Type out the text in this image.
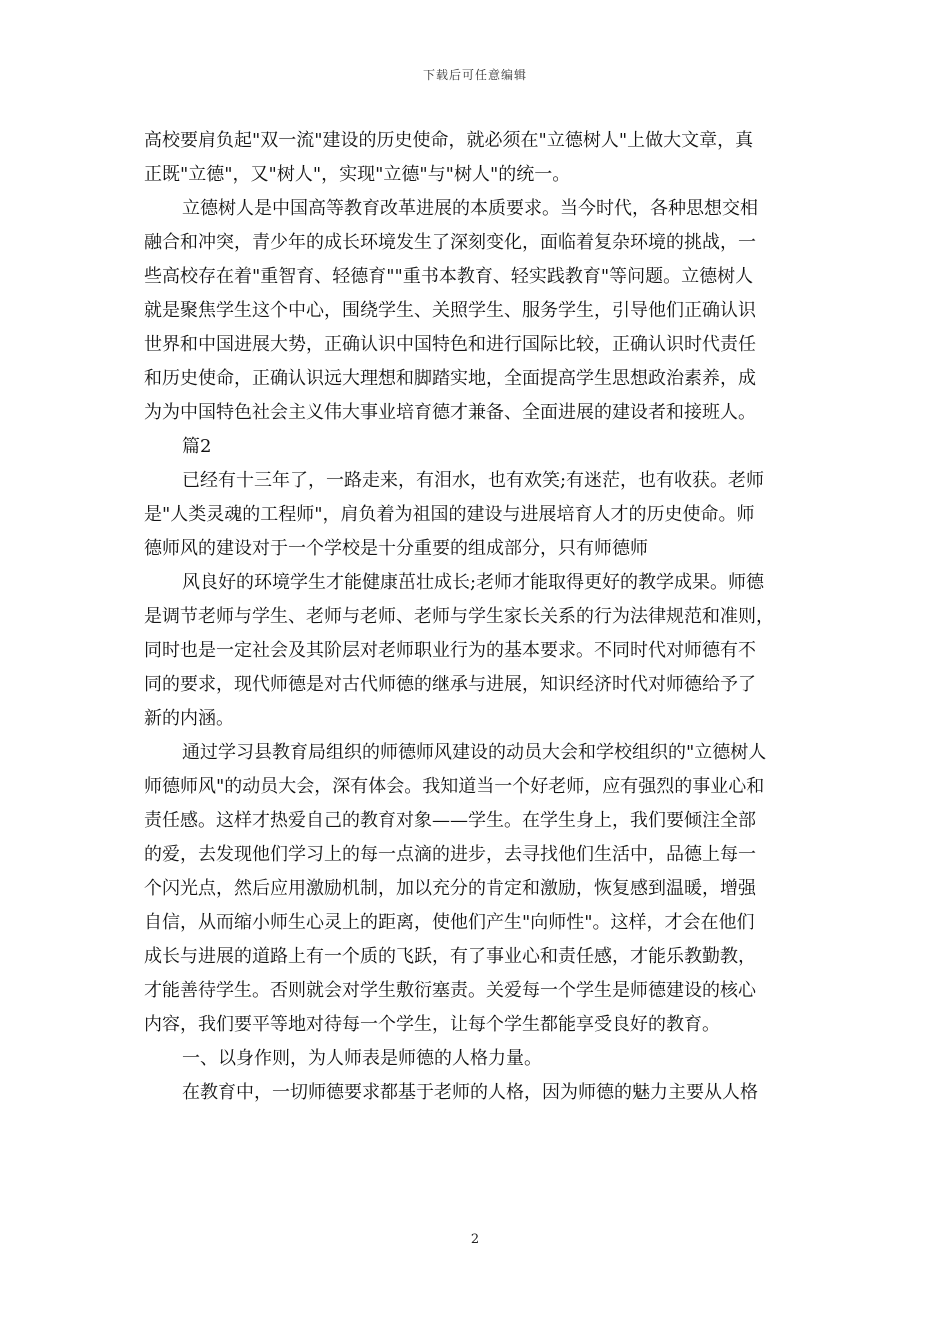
下载后可任意编辑
高校要肩负起"双一流"建设的历史使命，就必须在"立德树人"上做大文章，真
正既"立德"，又"树人"，实现"立德"与"树人"的统一。
立德树人是中国高等教育改革进展的本质要求。当今时代，各种思想交相
融合和冲突，青少年的成长环境发生了深刻变化，面临着复杂环境的挑战，一
些高校存在着"重智育、轻德育""重书本教育、轻实践教育"等问题。立德树人
就是聚焦学生这个中心，围绕学生、关照学生、服务学生，引导他们正确认识
世界和中国进展大势，正确认识中国特色和进行国际比较，正确认识时代责任
和历史使命，正确认识远大理想和脚踏实地，全面提高学生思想政治素养，成
为为中国特色社会主义伟大事业培育德才兼备、全面进展的建设者和接班人。
篇2
已经有十三年了，一路走来，有泪水，也有欢笑;有迷茫，也有收获。老师
是"人类灵魂的工程师"，肩负着为祖国的建设与进展培育人才的历史使命。师
德师风的建设对于一个学校是十分重要的组成部分，只有师德师
风良好的环境学生才能健康茁壮成长;老师才能取得更好的教学成果。师德
是调节老师与学生、老师与老师、老师与学生家长关系的行为法律规范和准则，
同时也是一定社会及其阶层对老师职业行为的基本要求。不同时代对师德有不
同的要求，现代师德是对古代师德的继承与进展，知识经济时代对师德给予了
新的内涵。
通过学习县教育局组织的师德师风建设的动员大会和学校组织的"立德树人
师德师风"的动员大会，深有体会。我知道当一个好老师，应有强烈的事业心和
责任感。这样才热爱自己的教育对象——学生。在学生身上，我们要倾注全部
的爱，去发现他们学习上的每一点滴的进步，去寻找他们生活中，品德上每一
个闪光点，然后应用激励机制，加以充分的肯定和激励，恢复感到温暖，增强
自信，从而缩小师生心灵上的距离，使他们产生"向师性"。这样，才会在他们
成长与进展的道路上有一个质的飞跃，有了事业心和责任感，才能乐教勤教，
才能善待学生。否则就会对学生敷衍塞责。关爱每一个学生是师德建设的核心
内容，我们要平等地对待每一个学生，让每个学生都能享受良好的教育。
一、以身作则，为人师表是师德的人格力量。
在教育中，一切师德要求都基于老师的人格，因为师德的魅力主要从人格
2
